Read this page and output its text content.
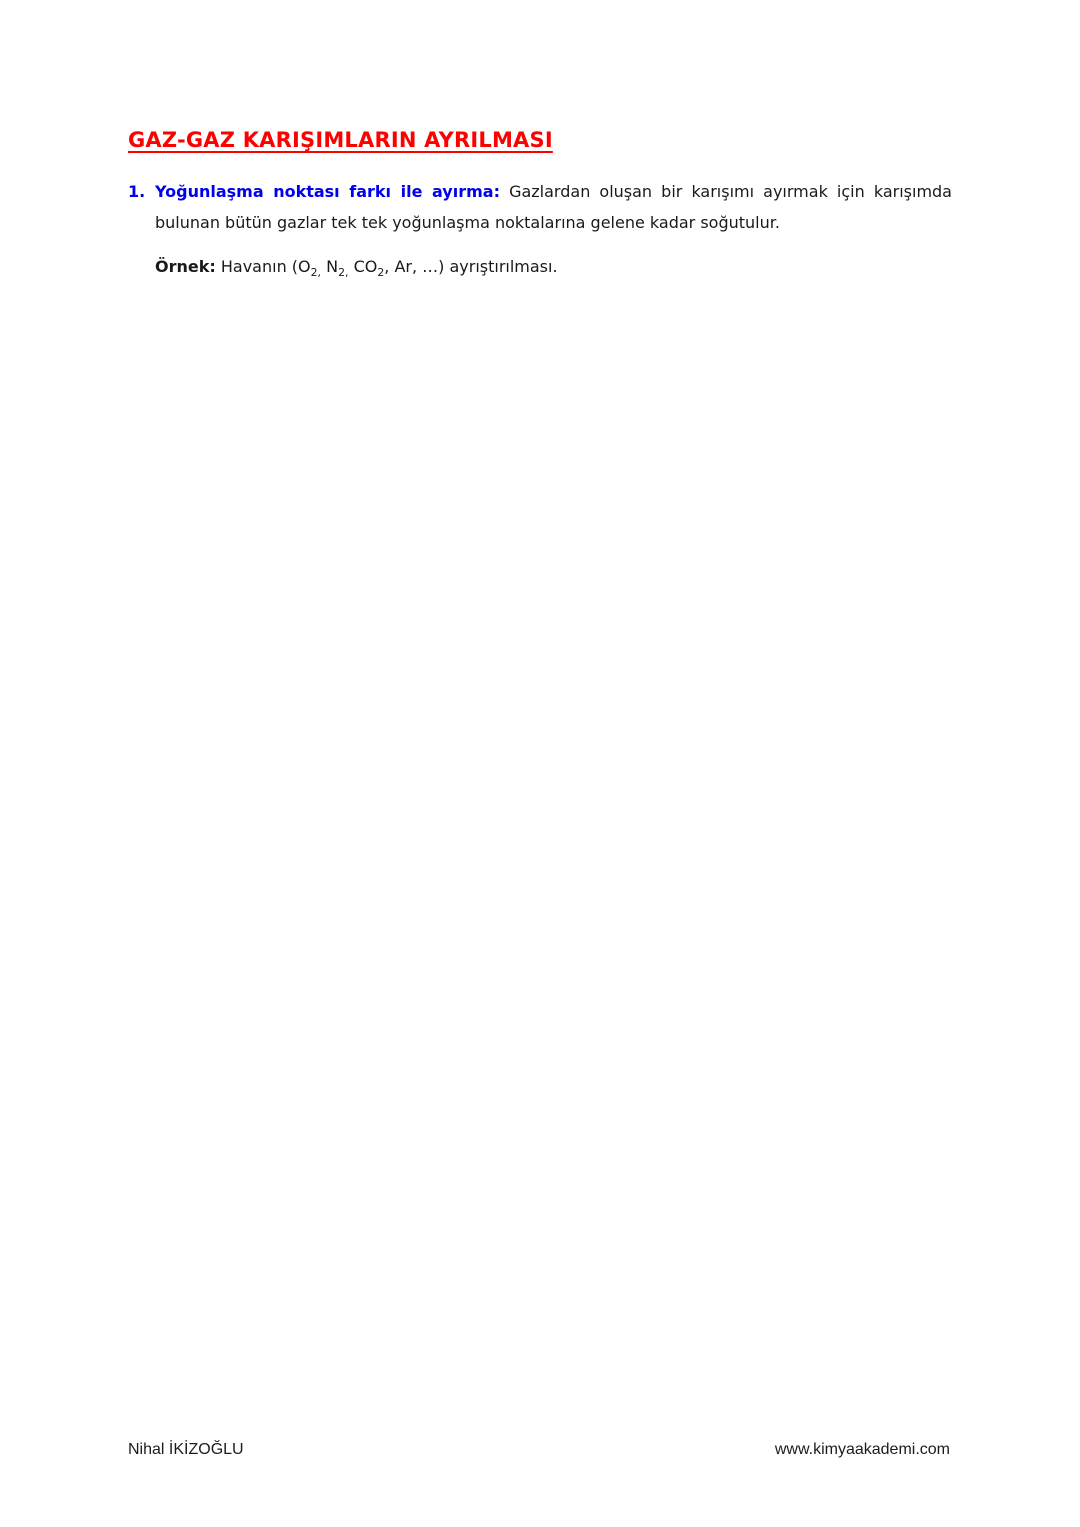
GAZ-GAZ KARIŞIMLARIN AYRILMASI
1. Yoğunlaşma noktası farkı ile ayırma: Gazlardan oluşan bir karışımı ayırmak için karışımda bulunan bütün gazlar tek tek yoğunlaşma noktalarına gelene kadar soğutulur.

Örnek: Havanın ($O_{2,}$ $N_{2,}$ $CO_2$, Ar, …) ayrıştırılması.

Nihal İKİZOĞLU	www.kimyaakademi.com
